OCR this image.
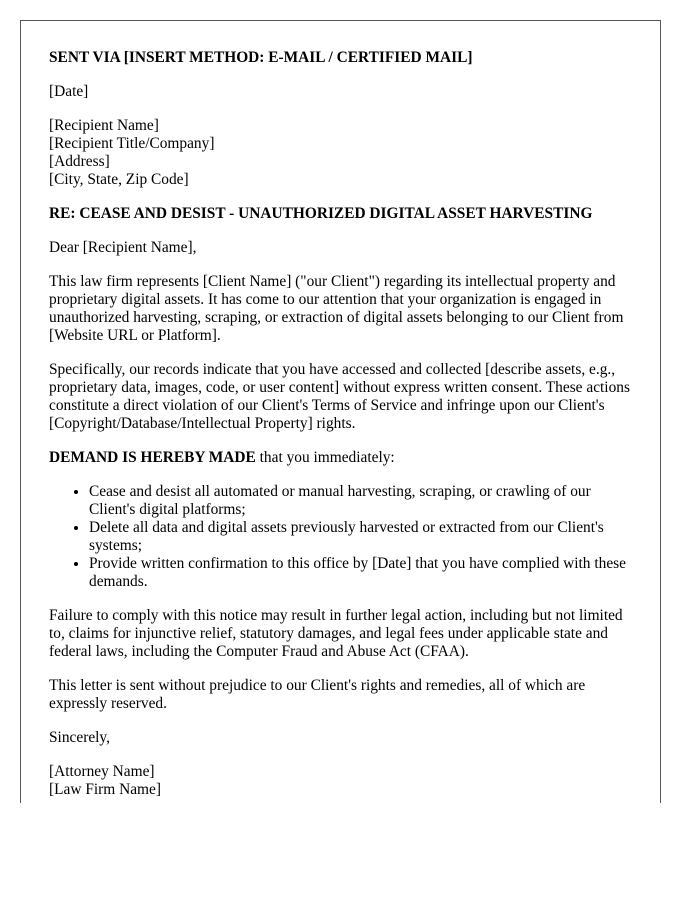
SENT VIA [INSERT METHOD: E-MAIL / CERTIFIED MAIL]

[Date]

[Recipient Name]
[Recipient Title/Company]
[Address]
[City, State, Zip Code]

RE: CEASE AND DESIST - UNAUTHORIZED DIGITAL ASSET HARVESTING

Dear [Recipient Name],

This law firm represents [Client Name] ("our Client") regarding its intellectual property and proprietary digital assets. It has come to our attention that your organization is engaged in unauthorized harvesting, scraping, or extraction of digital assets belonging to our Client from [Website URL or Platform].

Specifically, our records indicate that you have accessed and collected [describe assets, e.g., proprietary data, images, code, or user content] without express written consent. These actions constitute a direct violation of our Client's Terms of Service and infringe upon our Client's [Copyright/Database/Intellectual Property] rights.

DEMAND IS HEREBY MADE that you immediately:

• Cease and desist all automated or manual harvesting, scraping, or crawling of our Client's digital platforms;
• Delete all data and digital assets previously harvested or extracted from our Client's systems;
• Provide written confirmation to this office by [Date] that you have complied with these demands.

Failure to comply with this notice may result in further legal action, including but not limited to, claims for injunctive relief, statutory damages, and legal fees under applicable state and federal laws, including the Computer Fraud and Abuse Act (CFAA).

This letter is sent without prejudice to our Client's rights and remedies, all of which are expressly reserved.

Sincerely,

[Attorney Name]

[Law Firm Name]
